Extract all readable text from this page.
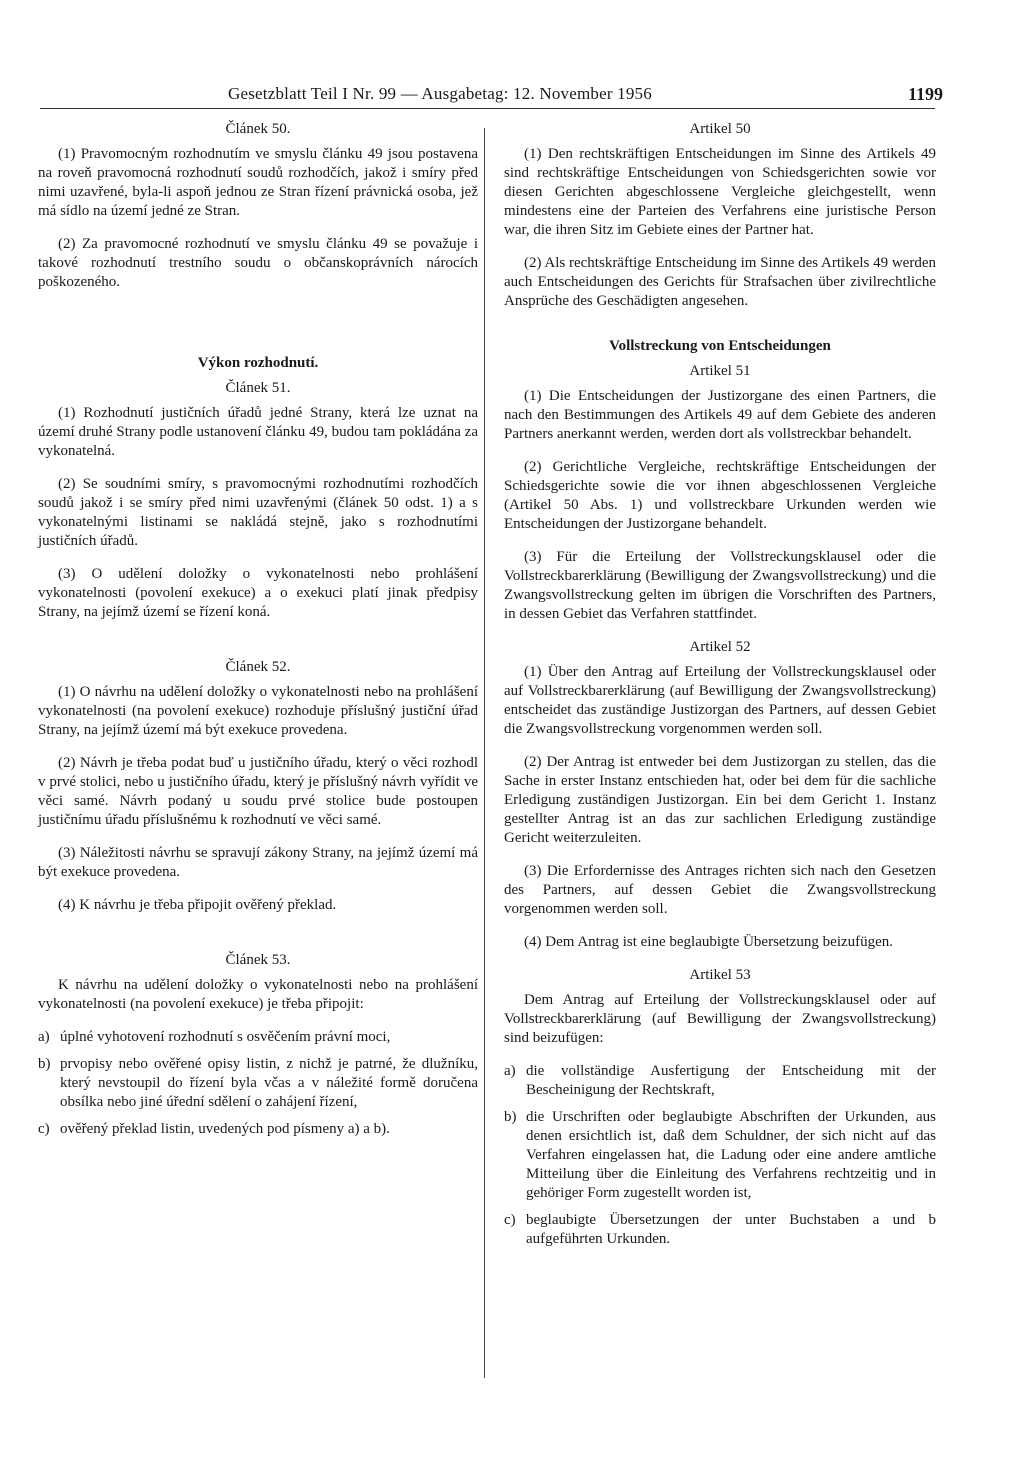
Gesetzblatt Teil I Nr. 99 — Ausgabetag: 12. November 1956	1199
Článek 50.

(1) Pravomocným rozhodnutím ve smyslu článku 49 jsou postavena na roveň pravomocná rozhodnutí soudů rozhodčích, jakož i smíry před nimi uzavřené, byla-li aspoň jednou ze Stran řízení právnická osoba, jež má sídlo na území jedné ze Stran.

(2) Za pravomocné rozhodnutí ve smyslu článku 49 se považuje i takové rozhodnutí trestního soudu o občanskoprávních nárocích poškozeného.

Výkon rozhodnutí.
Článek 51.

(1) Rozhodnutí justičních úřadů jedné Strany, která lze uznat na území druhé Strany podle ustanovení článku 49, budou tam pokládána za vykonatelná.

(2) Se soudními smíry, s pravomocnými rozhodnutími rozhodčích soudů jakož i se smíry před nimi uzavřenými (článek 50 odst. 1) a s vykonatelnými listinami se nakládá stejně, jako s rozhodnutími justičních úřadů.

(3) O udělení doložky o vykonatelnosti nebo prohlášení vykonatelnosti (povolení exekuce) a o exekuci platí jinak předpisy Strany, na jejímž území se řízení koná.

Článek 52.

(1) O návrhu na udělení doložky o vykonatelnosti nebo na prohlášení vykonatelnosti (na povolení exekuce) rozhoduje příslušný justiční úřad Strany, na jejímž území má být exekuce provedena.

(2) Návrh je třeba podat buď u justičního úřadu, který o věci rozhodl v prvé stolici, nebo u justičního úřadu, který je příslušný návrh vyřídit ve věci samé. Návrh podaný u soudu prvé stolice bude postoupen justičnímu úřadu příslušnému k rozhodnutí ve věci samé.

(3) Náležitosti návrhu se spravují zákony Strany, na jejímž území má být exekuce provedena.

(4) K návrhu je třeba připojit ověřený překlad.

Článek 53.

K návrhu na udělení doložky o vykonatelnosti nebo na prohlášení vykonatelnosti (na povolení exekuce) je třeba připojit:

a) úplné vyhotovení rozhodnutí s osvěčením právní moci,
b) prvopisy nebo ověřené opisy listin, z nichž je patrné, že dlužníku, který nevstoupil do řízení byla včas a v náležité formě doručena obsílka nebo jiné úřední sdělení o zahájení řízení,
c) ověřený překlad listin, uvedených pod písmeny a) a b).
Artikel 50

(1) Den rechtskräftigen Entscheidungen im Sinne des Artikels 49 sind rechtskräftige Entscheidungen von Schiedsgerichten sowie vor diesen Gerichten abgeschlossene Vergleiche gleichgestellt, wenn mindestens eine der Parteien des Verfahrens eine juristische Person war, die ihren Sitz im Gebiete eines der Partner hat.

(2) Als rechtskräftige Entscheidung im Sinne des Artikels 49 werden auch Entscheidungen des Gerichts für Strafsachen über zivilrechtliche Ansprüche des Geschädigten angesehen.

Vollstreckung von Entscheidungen
Artikel 51

(1) Die Entscheidungen der Justizorgane des einen Partners, die nach den Bestimmungen des Artikels 49 auf dem Gebiete des anderen Partners anerkannt werden, werden dort als vollstreckbar behandelt.

(2) Gerichtliche Vergleiche, rechtskräftige Entscheidungen der Schiedsgerichte sowie die vor ihnen abgeschlossenen Vergleiche (Artikel 50 Abs. 1) und vollstreckbare Urkunden werden wie Entscheidungen der Justizorgane behandelt.

(3) Für die Erteilung der Vollstreckungsklausel oder die Vollstreckbarerklärung (Bewilligung der Zwangsvollstreckung) und die Zwangsvollstreckung gelten im übrigen die Vorschriften des Partners, in dessen Gebiet das Verfahren stattfindet.

Artikel 52

(1) Über den Antrag auf Erteilung der Vollstreckungsklausel oder auf Vollstreckbarerklärung (auf Bewilligung der Zwangsvollstreckung) entscheidet das zuständige Justizorgan des Partners, auf dessen Gebiet die Zwangsvollstreckung vorgenommen werden soll.

(2) Der Antrag ist entweder bei dem Justizorgan zu stellen, das die Sache in erster Instanz entschieden hat, oder bei dem für die sachliche Erledigung zuständigen Justizorgan. Ein bei dem Gericht 1. Instanz gestellter Antrag ist an das zur sachlichen Erledigung zuständige Gericht weiterzuleiten.

(3) Die Erfordernisse des Antrages richten sich nach den Gesetzen des Partners, auf dessen Gebiet die Zwangsvollstreckung vorgenommen werden soll.

(4) Dem Antrag ist eine beglaubigte Übersetzung beizufügen.

Artikel 53

Dem Antrag auf Erteilung der Vollstreckungsklausel oder auf Vollstreckbarerklärung (auf Bewilligung der Zwangsvollstreckung) sind beizufügen:

a) die vollständige Ausfertigung der Entscheidung mit der Bescheinigung der Rechtskraft,
b) die Urschriften oder beglaubigte Abschriften der Urkunden, aus denen ersichtlich ist, daß dem Schuldner, der sich nicht auf das Verfahren eingelassen hat, die Ladung oder eine andere amtliche Mitteilung über die Einleitung des Verfahrens rechtzeitig und in gehöriger Form zugestellt worden ist,
c) beglaubigte Übersetzungen der unter Buchstaben a und b aufgeführten Urkunden.
